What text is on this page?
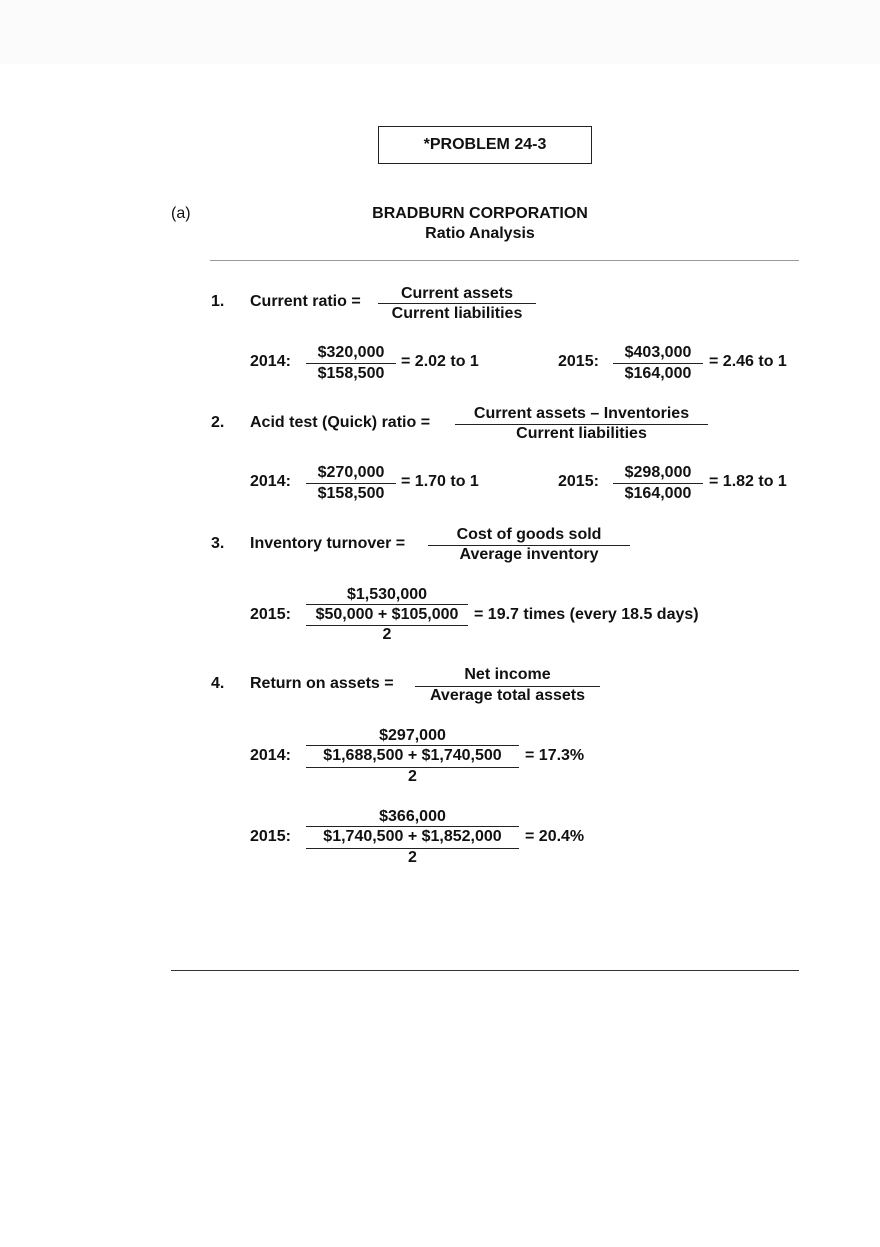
*PROBLEM 24-3
(a)	BRADBURN CORPORATION
Ratio Analysis
1. Current ratio =	Current assets
Current liabilities
2014:
$320,000
$158,500
= 2.02 to 1	2015:
$403,000
$164,000
= 2.46 to 1
2. Acid test (Quick) ratio =
Current assets – Inventories
Current liabilities
2014:
$270,000
$158,500
= 1.70 to 1	2015:
$298,000
$164,000
= 1.82 to 1
3. Inventory turnover =
Cost of goods sold
Average inventory
$1,530,000
2015:	$50,000 + $105,000 = 19.7 times (every 18.5 days)
2
4. Return on assets =
Net income
Average total assets
$297,000
2014:	$1,688,500 + $1,740,500	= 17.3%
2
$366,000
2015:	$1,740,500 + $1,852,000	= 20.4%
2
